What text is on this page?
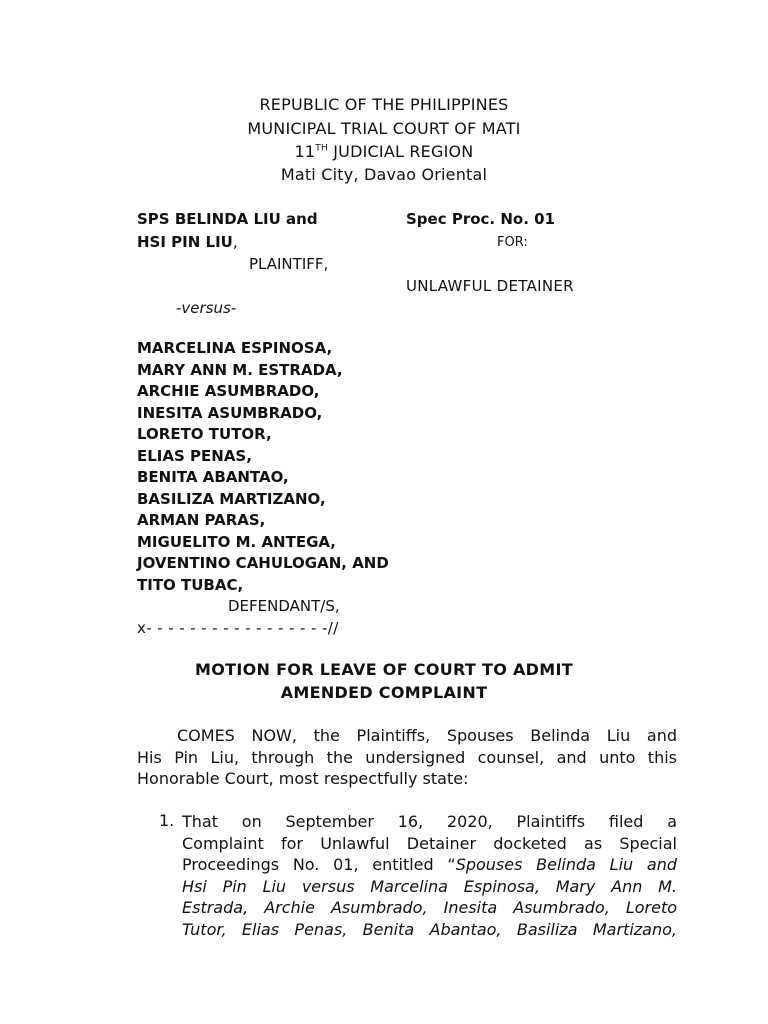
REPUBLIC OF THE PHILIPPINES
MUNICIPAL TRIAL COURT OF MATI
11TH JUDICIAL REGION
Mati City, Davao Oriental
SPS BELINDA LIU and
HSI PIN LIU,
PLAINTIFF,
Spec Proc. No. 01
FOR:
UNLAWFUL DETAINER
-versus-
MARCELINA ESPINOSA,
MARY ANN M. ESTRADA,
ARCHIE ASUMBRADO,
INESITA ASUMBRADO,
LORETO TUTOR,
ELIAS PENAS,
BENITA ABANTAO,
BASILIZA MARTIZANO,
ARMAN PARAS,
MIGUELITO M. ANTEGA,
JOVENTINO CAHULOGAN, AND
TITO TUBAC,
DEFENDANT/S,
x- - - - - - - - - - - - - - - - -//
MOTION FOR LEAVE OF COURT TO ADMIT
AMENDED COMPLAINT
COMES NOW, the Plaintiffs, Spouses Belinda Liu and
His Pin Liu, through the undersigned counsel, and unto this
Honorable Court, most respectfully state:
1. That on September 16, 2020, Plaintiffs filed a
Complaint for Unlawful Detainer docketed as Special
Proceedings No. 01, entitled “Spouses Belinda Liu and
Hsi Pin Liu versus Marcelina Espinosa, Mary Ann M.
Estrada, Archie Asumbrado, Inesita Asumbrado, Loreto
Tutor, Elias Penas, Benita Abantao, Basiliza Martizano,
